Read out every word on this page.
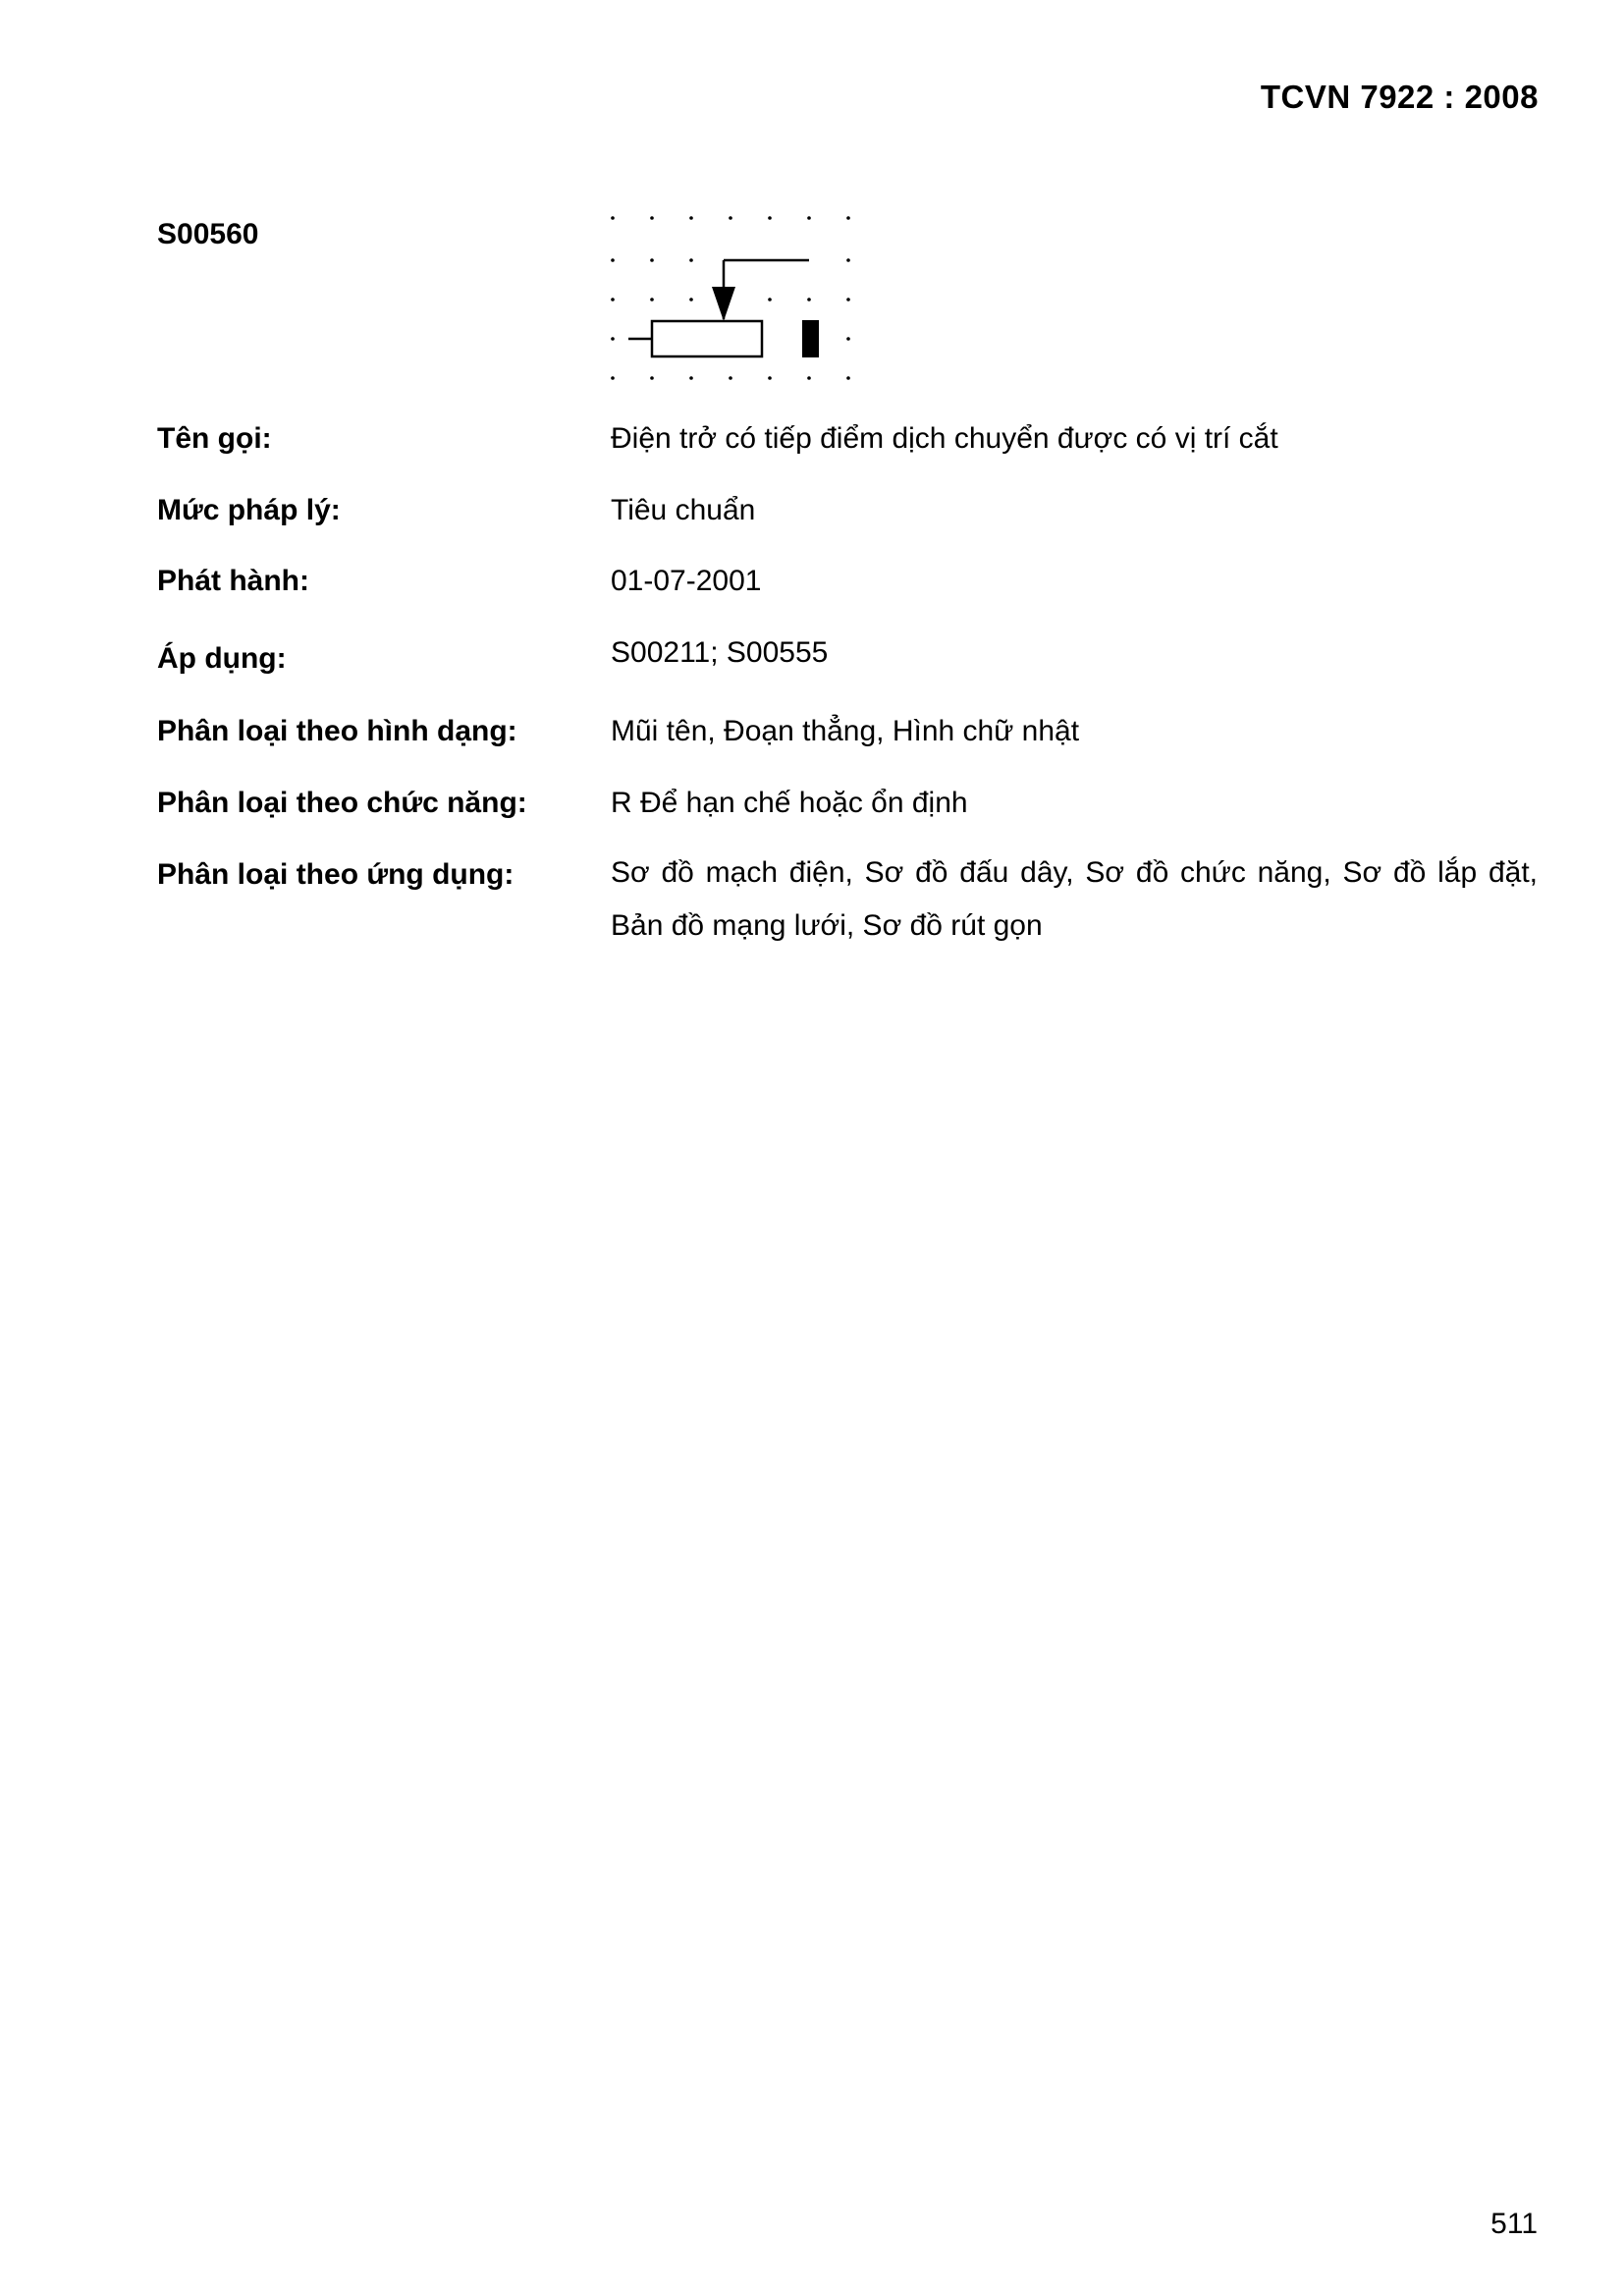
TCVN 7922 : 2008
S00560
Tên gọi:	Điện trở có tiếp điểm dịch chuyển được có vị trí cắt
Mức pháp lý:	Tiêu chuẩn
Phát hành:	01-07-2001
Áp dụng:	S00211; S00555
Phân loại theo hình dạng:	Mũi tên, Đoạn thẳng, Hình chữ nhật
Phân loại theo chức năng:	R Để hạn chế hoặc ổn định
Phân loại theo ứng dụng:	Sơ đồ mạch điện, Sơ đồ đấu dây, Sơ đồ chức năng, Sơ đồ lắp đặt, Bản đồ mạng lưới, Sơ đồ rút gọn
511
